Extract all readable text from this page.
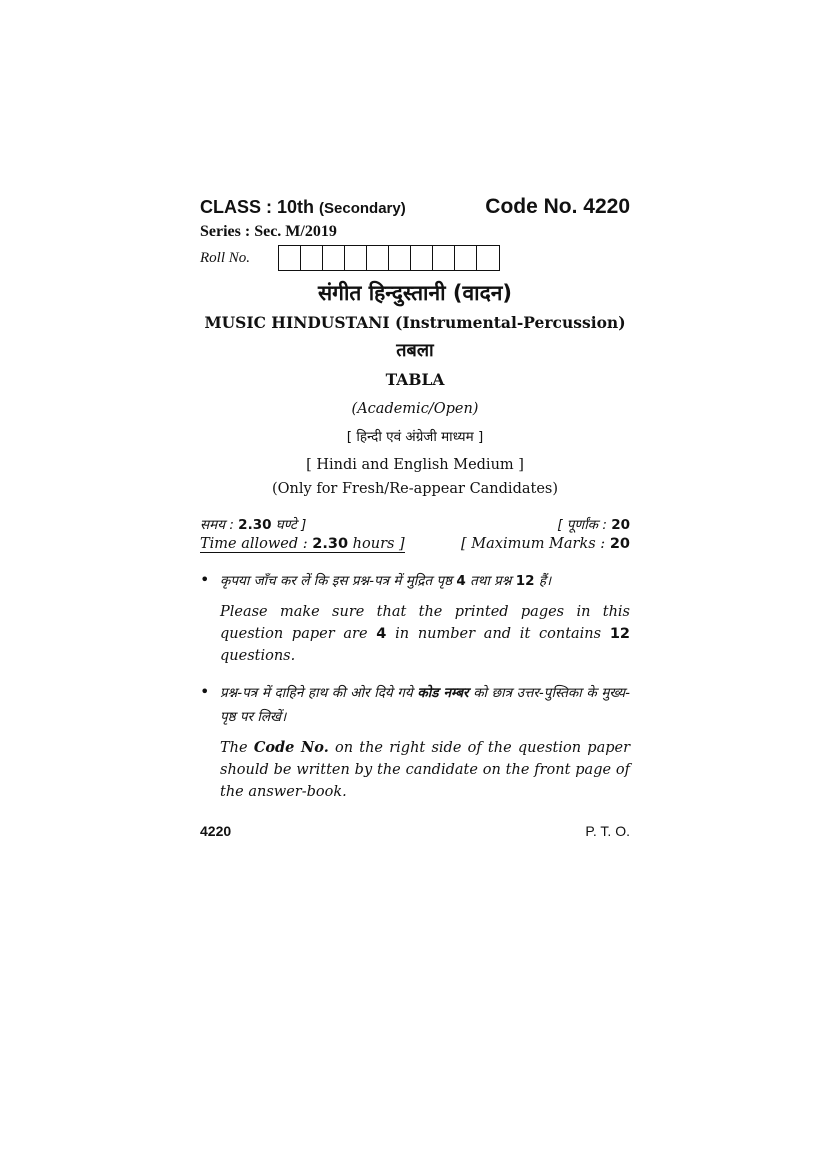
CLASS : 10th (Secondary)	Code No. 4220
Series : Sec. M/2019
Roll No.
संगीत हिन्दुस्तानी (वादन)
MUSIC HINDUSTANI (Instrumental-Percussion)
तबला
TABLA
(Academic/Open)
[ हिन्दी एवं अंग्रेजी माध्यम ]
[ Hindi and English Medium ]
(Only for Fresh/Re-appear Candidates)
समय : 2.30 घण्टे ]	[ पूर्णांक : 20
Time allowed : 2.30 hours ]	[ Maximum Marks : 20
• कृपया जाँच कर लें कि इस प्रश्न-पत्र में मुद्रित पृष्ठ 4 तथा प्रश्न 12 हैं।
Please make sure that the printed pages in this question paper are 4 in number and it contains 12 questions.
• प्रश्न-पत्र में दाहिने हाथ की ओर दिये गये कोड नम्बर को छात्र उत्तर-पुस्तिका के मुख्य-पृष्ठ पर लिखें।
The Code No. on the right side of the question paper should be written by the candidate on the front page of the answer-book.
4220	P. T. O.
